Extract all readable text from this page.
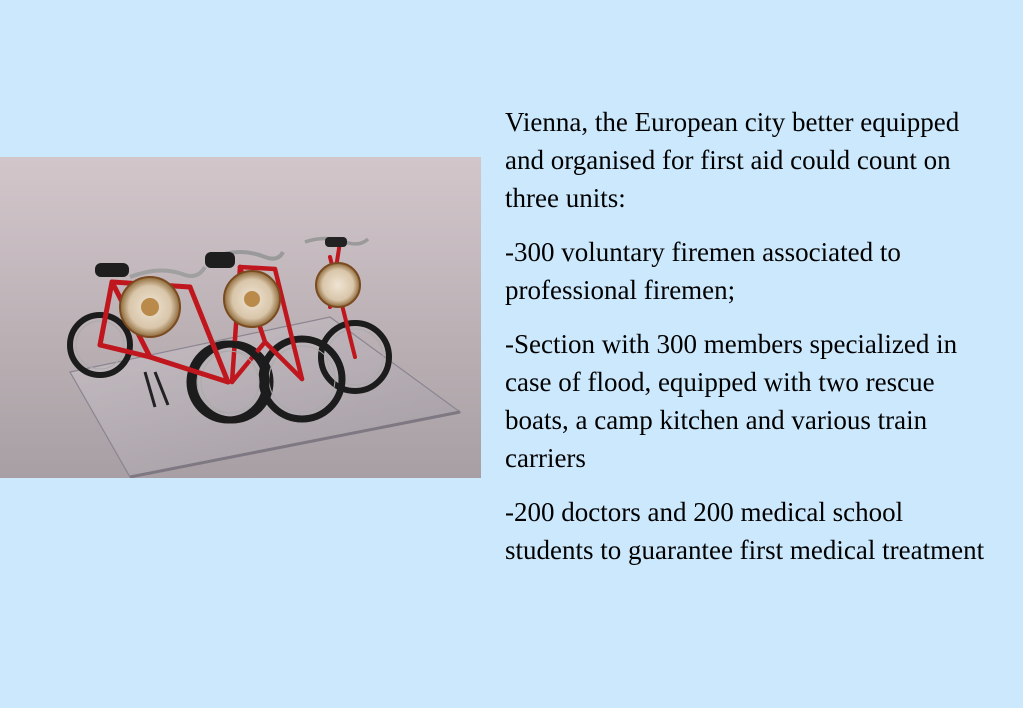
Vienna, the European city better equipped and organised for first aid could count on three units:

-300 voluntary firemen associated to professional firemen;

-Section with 300 members specialized in case of flood, equipped with two rescue boats, a camp kitchen and various train carriers

-200 doctors and 200 medical school students to guarantee first medical treatment
